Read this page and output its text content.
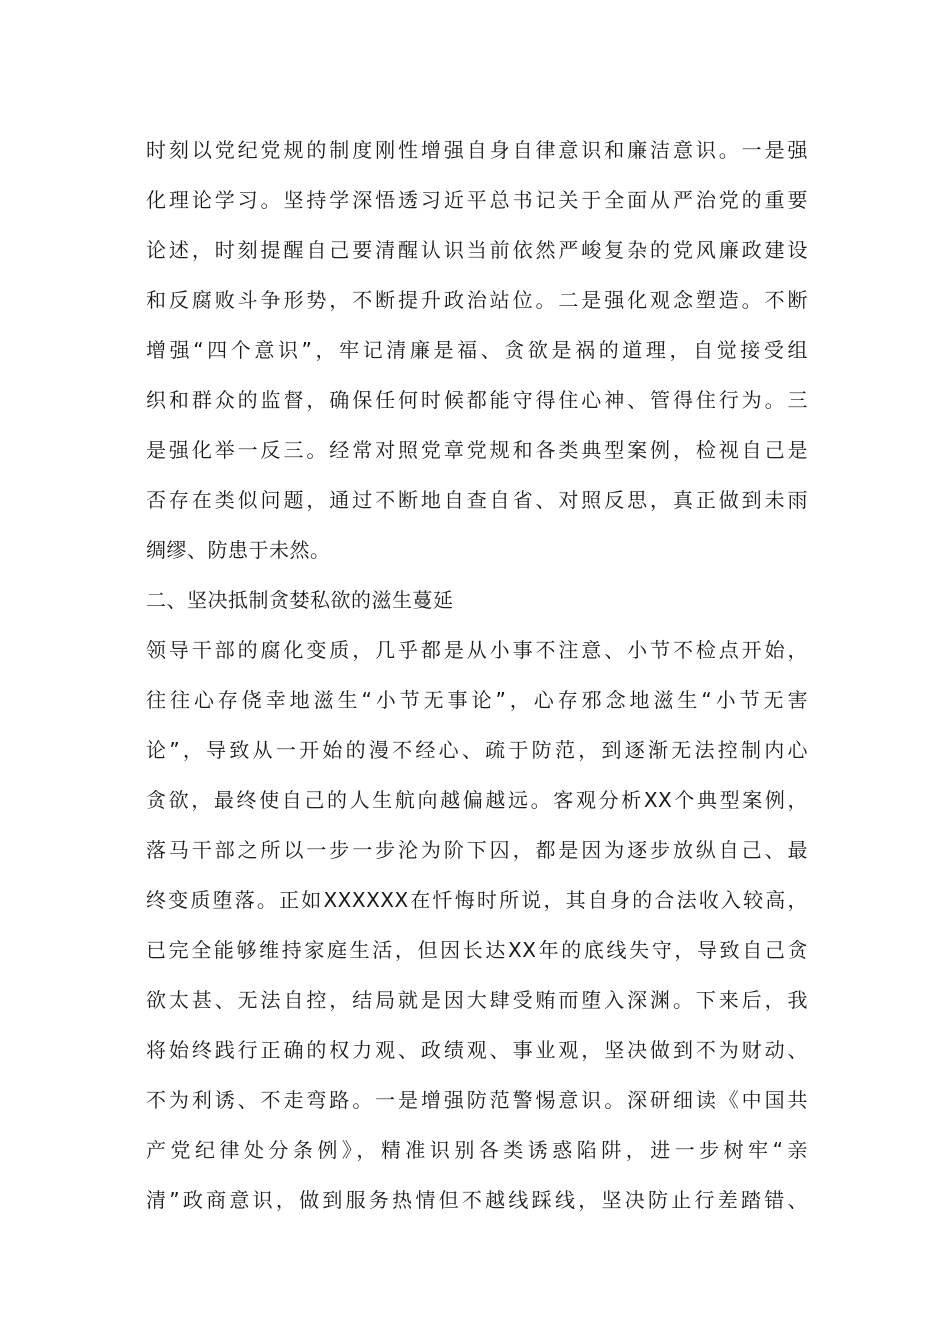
时刻以党纪党规的制度刚性增强自身自律意识和廉洁意识。一是强
化理论学习。坚持学深悟透习近平总书记关于全面从严治党的重要
论述，时刻提醒自己要清醒认识当前依然严峻复杂的党风廉政建设
和反腐败斗争形势，不断提升政治站位。二是强化观念塑造。不断
增强“四个意识”，牢记清廉是福、贪欲是祸的道理，自觉接受组
织和群众的监督，确保任何时候都能守得住心神、管得住行为。三
是强化举一反三。经常对照党章党规和各类典型案例，检视自己是
否存在类似问题，通过不断地自查自省、对照反思，真正做到未雨
绸缪、防患于未然。
二、坚决抵制贪婪私欲的滋生蔓延
领导干部的腐化变质，几乎都是从小事不注意、小节不检点开始，
往往心存侥幸地滋生“小节无事论”，心存邪念地滋生“小节无害
论”，导致从一开始的漫不经心、疏于防范，到逐渐无法控制内心
贪欲，最终使自己的人生航向越偏越远。客观分析XX个典型案例，
落马干部之所以一步一步沦为阶下囚，都是因为逐步放纵自己、最
终变质堕落。正如XXXXXX在忏悔时所说，其自身的合法收入较高，
已完全能够维持家庭生活，但因长达XX年的底线失守，导致自己贪
欲太甚、无法自控，结局就是因大肆受贿而堕入深渊。下来后，我
将始终践行正确的权力观、政绩观、事业观，坚决做到不为财动、
不为利诱、不走弯路。一是增强防范警惕意识。深研细读《中国共
产党纪律处分条例》，精准识别各类诱惑陷阱，进一步树牢“亲
清”政商意识，做到服务热情但不越线踩线，坚决防止行差踏错、
